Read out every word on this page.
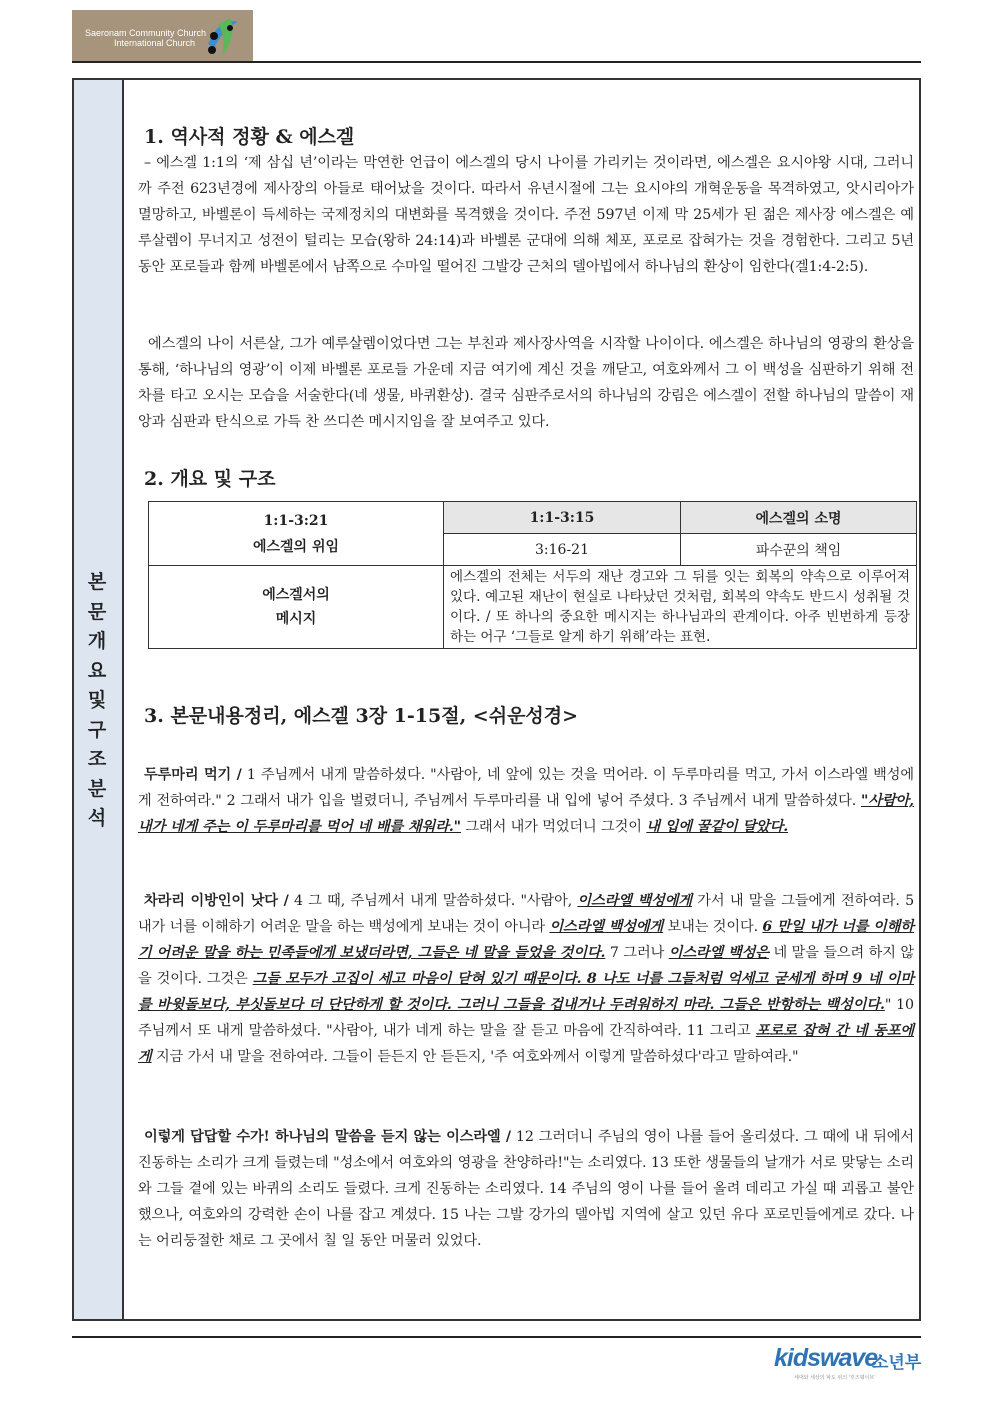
Saeronam Community Church
International Church
본
문
개
요
및
구
조
분
석
1. 역사적 정황 & 에스겔

– 에스겔 1:1의 ‘제 삼십 년’이라는 막연한 언급이 에스겔의 당시 나이를 가리키는 것이라면, 에스겔은 요시야왕 시대, 그러니까 주전 623년경에 제사장의 아들로 태어났을 것이다. 따라서 유년시절에 그는 요시야의 개혁운동을 목격하였고, 앗시리아가 멸망하고, 바벨론이 득세하는 국제정치의 대변화를 목격했을 것이다. 주전 597년 이제 막 25세가 된 젊은 제사장 에스겔은 예루살렘이 무너지고 성전이 털리는 모습(왕하 24:14)과 바벨론 군대에 의해 체포, 포로로 잡혀가는 것을 경험한다. 그리고 5년 동안 포로들과 함께 바벨론에서 남쪽으로 수마일 떨어진 그발강 근처의 델아빕에서 하나님의 환상이 임한다(겔1:4-2:5).

에스겔의 나이 서른살, 그가 예루살렘이었다면 그는 부친과 제사장사역을 시작할 나이이다. 에스겔은 하나님의 영광의 환상을 통해, ‘하나님의 영광’이 이제 바벨론 포로들 가운데 지금 여기에 계신 것을 깨닫고, 여호와께서 그 이 백성을 심판하기 위해 전차를 타고 오시는 모습을 서술한다(네 생물, 바퀴환상). 결국 심판주로서의 하나님의 강림은 에스겔이 전할 하나님의 말씀이 재앙과 심판과 탄식으로 가득 찬 쓰디쓴 메시지임을 잘 보여주고 있다.

2. 개요 및 구조
1:1-3:21
에스겔의 위임	1:1-3:15	에스겔의 소명
	3:16-21	파수꾼의 책임
에스겔서의
메시지	에스겔의 전체는 서두의 재난 경고와 그 뒤를 잇는 회복의 약속으로 이루어져 있다. 예고된 재난이 현실로 나타났던 것처럼, 회복의 약속도 반드시 성취될 것이다. / 또 하나의 중요한 메시지는 하나님과의 관계이다. 아주 빈번하게 등장하는 어구 ‘그들로 알게 하기 위해’라는 표현.	
3. 본문내용정리, 에스겔 3장 1-15절, <쉬운성경>

두루마리 먹기 / 1 주님께서 내게 말씀하셨다. "사람아, 네 앞에 있는 것을 먹어라. 이 두루마리를 먹고, 가서 이스라엘 백성에게 전하여라." 2 그래서 내가 입을 벌렸더니, 주님께서 두루마리를 내 입에 넣어 주셨다. 3 주님께서 내게 말씀하셨다. "사람아, 내가 네게 주는 이 두루마리를 먹어 네 배를 채워라." 그래서 내가 먹었더니 그것이 내 입에 꿀같이 달았다.

차라리 이방인이 낫다 / 4 그 때, 주님께서 내게 말씀하셨다. "사람아, 이스라엘 백성에게 가서 내 말을 그들에게 전하여라. 5 내가 너를 이해하기 어려운 말을 하는 백성에게 보내는 것이 아니라 이스라엘 백성에게 보내는 것이다. 6 만일 내가 너를 이해하기 어려운 말을 하는 민족들에게 보냈더라면, 그들은 네 말을 들었을 것이다. 7 그러나 이스라엘 백성은 네 말을 들으려 하지 않을 것이다. 그것은 그들 모두가 고집이 세고 마음이 닫혀 있기 때문이다. 8 나도 너를 그들처럼 억세고 굳세게 하며 9 네 이마를 바윗돌보다, 부싯돌보다 더 단단하게 할 것이다. 그러니 그들을 겁내거나 두려워하지 마라. 그들은 반항하는 백성이다." 10 주님께서 또 내게 말씀하셨다. "사람아, 내가 네게 하는 말을 잘 듣고 마음에 간직하여라. 11 그리고 포로로 잡혀 간 네 동포에게 지금 가서 내 말을 전하여라. 그들이 듣든지 안 듣든지, '주 여호와께서 이렇게 말씀하셨다'라고 말하여라."

이렇게 답답할 수가! 하나님의 말씀을 듣지 않는 이스라엘 / 12 그러더니 주님의 영이 나를 들어 올리셨다. 그 때에 내 뒤에서 진동하는 소리가 크게 들렸는데 "성소에서 여호와의 영광을 찬양하라!"는 소리였다. 13 또한 생물들의 날개가 서로 맞닿는 소리와 그들 곁에 있는 바퀴의 소리도 들렸다. 크게 진동하는 소리였다. 14 주님의 영이 나를 들어 올려 데리고 가실 때 괴롭고 불안했으나, 여호와의 강력한 손이 나를 잡고 계셨다. 15 나는 그발 강가의 델아빕 지역에 살고 있던 유다 포로민들에게로 갔다. 나는 어리둥절한 채로 그 곳에서 칠 일 동안 머물러 있었다.

kidswave
소년부
세대와 세상의 파도 위의 '킷즈웨이브'
